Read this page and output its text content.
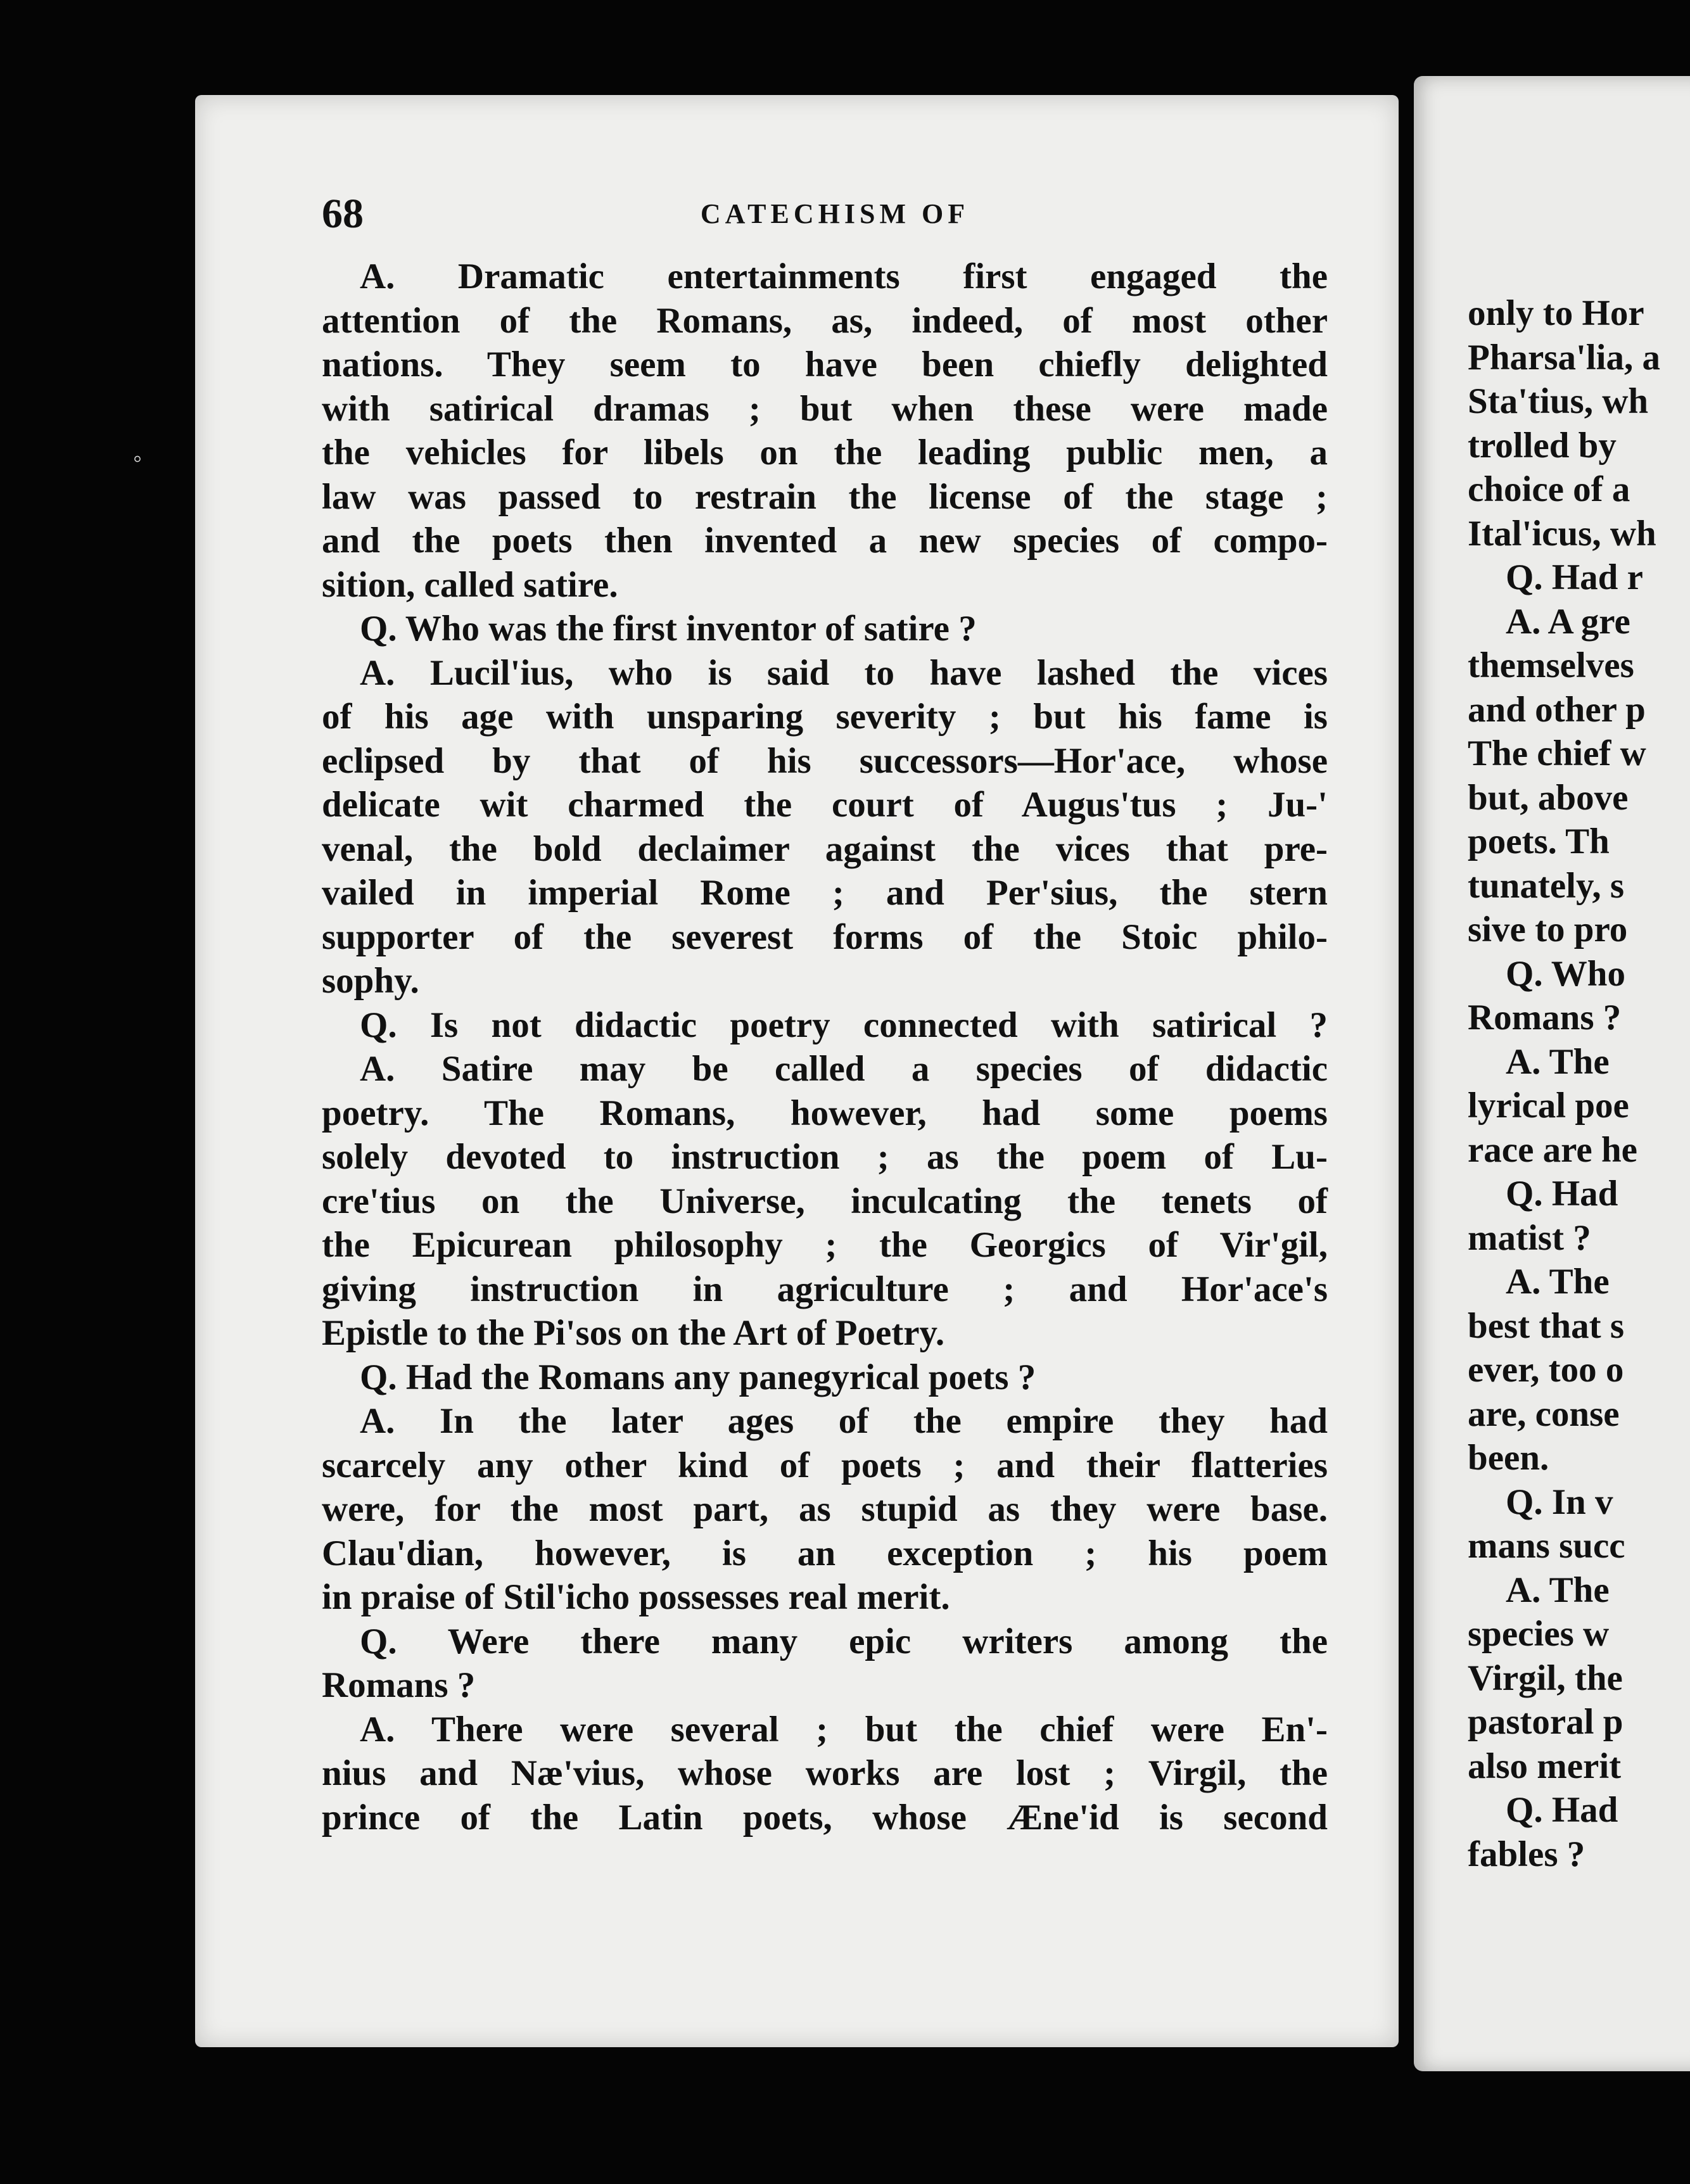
◦
68	CATECHISM OF
A. Dramatic entertainments first engaged the
attention of the Romans, as, indeed, of most other
nations. They seem to have been chiefly delighted
with satirical dramas ; but when these were made
the vehicles for libels on the leading public men, a
law was passed to restrain the license of the stage ;
and the poets then invented a new species of compo-
sition, called satire.
Q. Who was the first inventor of satire ?
A. Lucil'ius, who is said to have lashed the vices
of his age with unsparing severity ; but his fame is
eclipsed by that of his successors—Hor'ace, whose
delicate wit charmed the court of Augus'tus ; Ju-'
venal, the bold declaimer against the vices that pre-
vailed in imperial Rome ; and Per'sius, the stern
supporter of the severest forms of the Stoic philo-
sophy.
Q. Is not didactic poetry connected with satirical ?
A. Satire may be called a species of didactic
poetry. The Romans, however, had some poems
solely devoted to instruction ; as the poem of Lu-
cre'tius on the Universe, inculcating the tenets of
the Epicurean philosophy ; the Georgics of Vir'gil,
giving instruction in agriculture ; and Hor'ace's
Epistle to the Pi'sos on the Art of Poetry.
Q. Had the Romans any panegyrical poets ?
A. In the later ages of the empire they had
scarcely any other kind of poets ; and their flatteries
were, for the most part, as stupid as they were base.
Clau'dian, however, is an exception ; his poem
in praise of Stil'icho possesses real merit.
Q. Were there many epic writers among the
Romans ?
A. There were several ; but the chief were En'-
nius and Næ'vius, whose works are lost ; Virgil, the
prince of the Latin poets, whose Æne'id is second
only to Hor
Pharsa'lia, a
Sta'tius, wh
trolled by
choice of a
Ital'icus, wh
Q. Had r
A. A gre
themselves
and other p
The chief w
but, above
poets. Th
tunately, s
sive to pro
Q. Who
Romans ?
A. The
lyrical poe
race are he
Q. Had
matist ?
A. The
best that s
ever, too o
are, conse
been.
Q. In v
mans succ
A. The
species w
Virgil, the
pastoral p
also merit
Q. Had
fables ?
